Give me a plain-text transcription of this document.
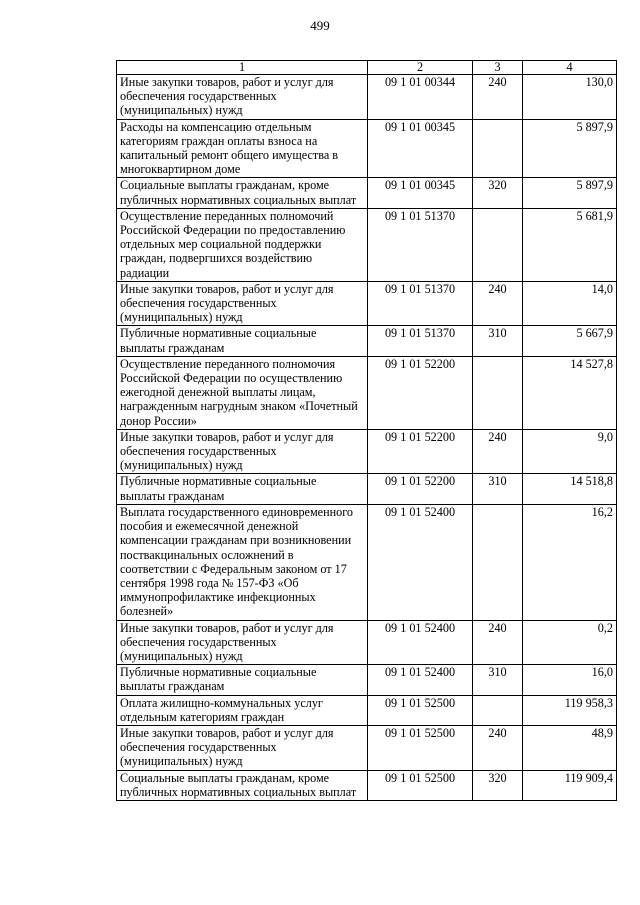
499
1	2	3	4
Иные закупки товаров, работ и услуг для обеспечения государственных (муниципальных) нужд	09 1 01 00344	240	130,0
Расходы на компенсацию отдельным категориям граждан оплаты взноса на капитальный ремонт общего имущества в многоквартирном доме	09 1 01 00345		5 897,9
Социальные выплаты гражданам, кроме публичных нормативных социальных выплат	09 1 01 00345	320	5 897,9
Осуществление переданных полномочий Российской Федерации по предоставлению отдельных мер социальной поддержки граждан, подвергшихся воздействию радиации	09 1 01 51370		5 681,9
Иные закупки товаров, работ и услуг для обеспечения государственных (муниципальных) нужд	09 1 01 51370	240	14,0
Публичные нормативные социальные выплаты гражданам	09 1 01 51370	310	5 667,9
Осуществление переданного полномочия Российской Федерации по осуществлению ежегодной денежной выплаты лицам, награжденным нагрудным знаком «Почетный донор России»	09 1 01 52200		14 527,8
Иные закупки товаров, работ и услуг для обеспечения государственных (муниципальных) нужд	09 1 01 52200	240	9,0
Публичные нормативные социальные выплаты гражданам	09 1 01 52200	310	14 518,8
Выплата государственного единовременного пособия и ежемесячной денежной компенсации гражданам при возникновении поствакцинальных осложнений в соответствии с Федеральным законом от 17 сентября 1998 года № 157-ФЗ «Об иммунопрофилактике инфекционных болезней»	09 1 01 52400		16,2
Иные закупки товаров, работ и услуг для обеспечения государственных (муниципальных) нужд	09 1 01 52400	240	0,2
Публичные нормативные социальные выплаты гражданам	09 1 01 52400	310	16,0
Оплата жилищно-коммунальных услуг отдельным категориям граждан	09 1 01 52500		119 958,3
Иные закупки товаров, работ и услуг для обеспечения государственных (муниципальных) нужд	09 1 01 52500	240	48,9
Социальные выплаты гражданам, кроме публичных нормативных социальных выплат	09 1 01 52500	320	119 909,4
